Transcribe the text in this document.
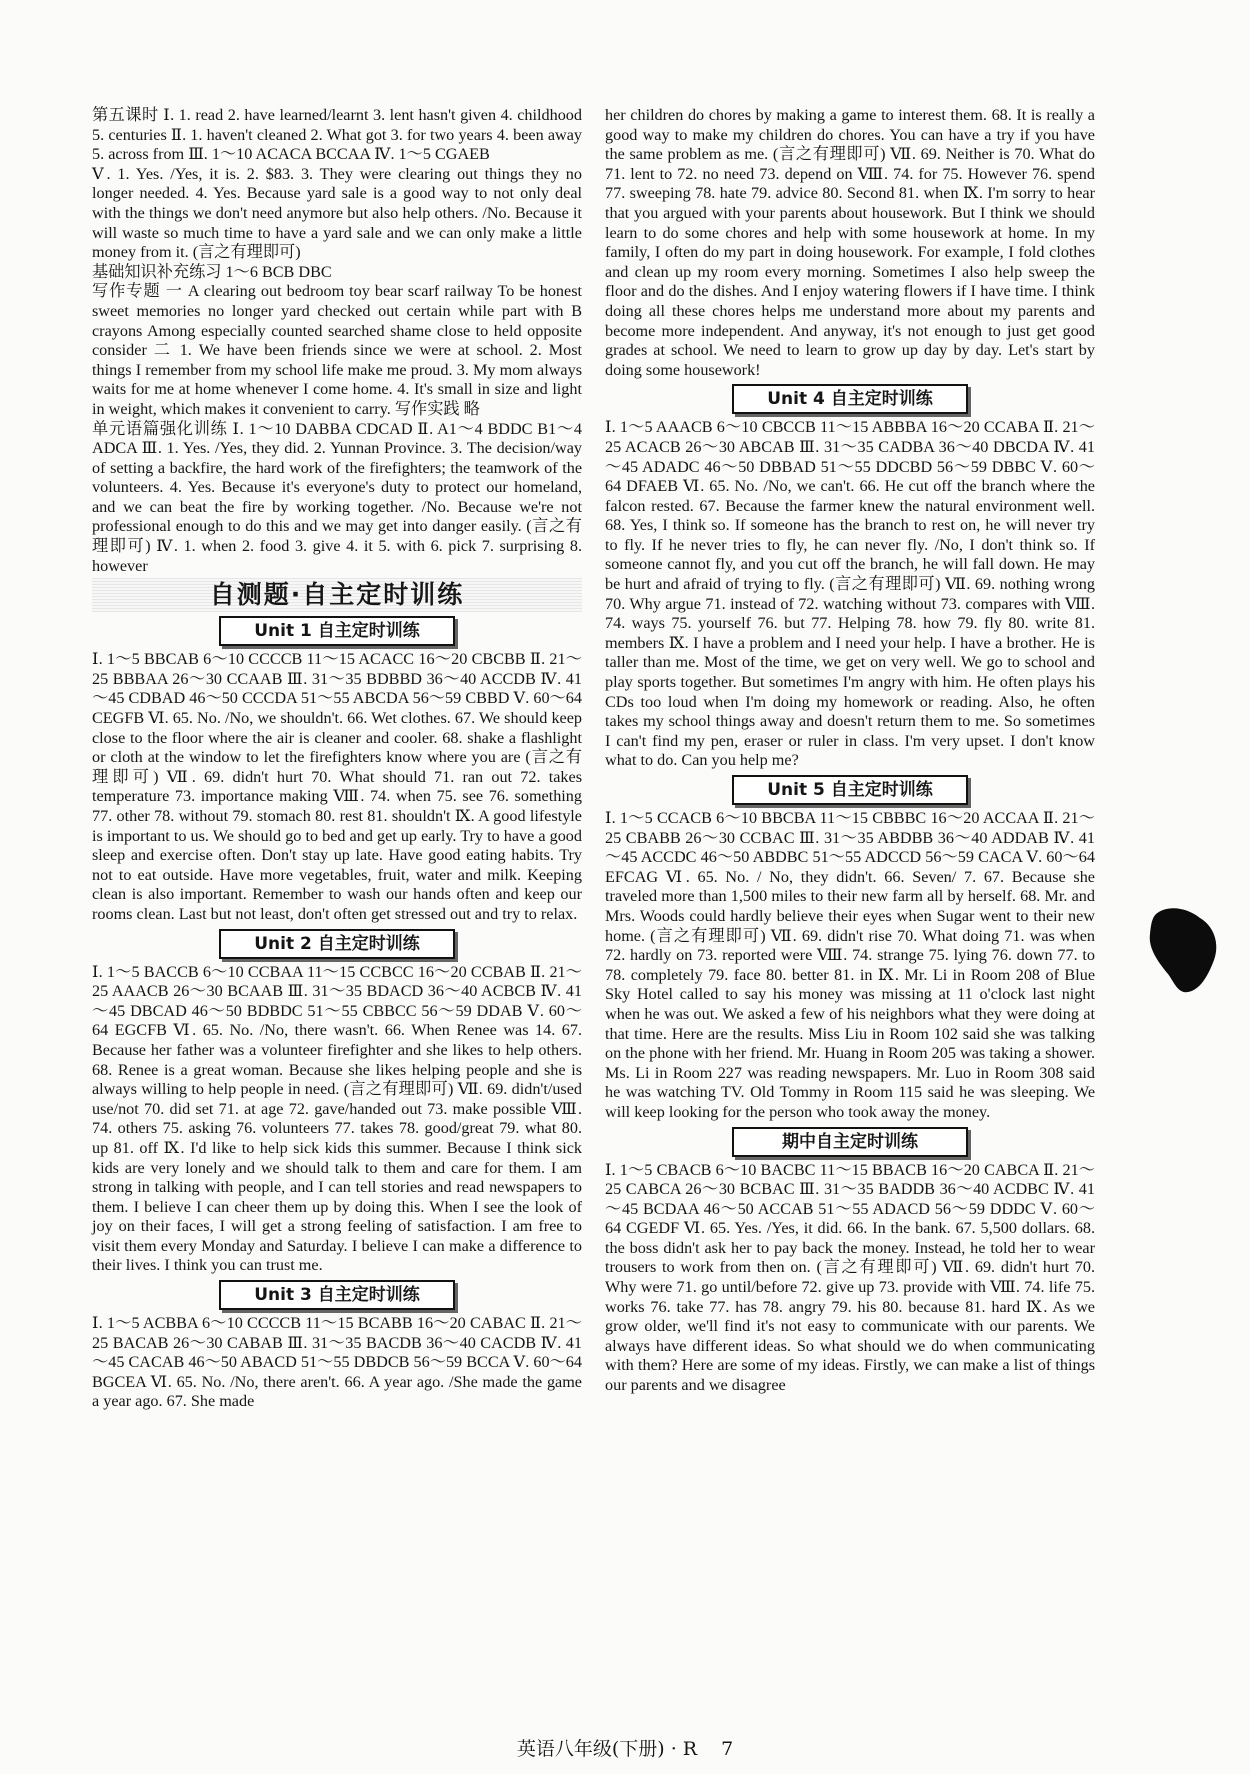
第五课时 Ⅰ. 1. read 2. have learned/learnt 3. lent hasn't given 4. childhood 5. centuries Ⅱ. 1. haven't cleaned 2. What got 3. for two years 4. been away 5. across from Ⅲ. 1～10 ACACA BCCAA Ⅳ. 1～5 CGAEB

Ⅴ. 1. Yes. /Yes, it is. 2. $83. 3. They were clearing out things they no longer needed. 4. Yes. Because yard sale is a good way to not only deal with the things we don't need anymore but also help others. /No. Because it will waste so much time to have a yard sale and we can only make a little money from it. (言之有理即可)

基础知识补充练习 1～6 BCB DBC

写作专题 一 A clearing out bedroom toy bear scarf railway To be honest sweet memories no longer yard checked out certain while part with B crayons Among especially counted searched shame close to held opposite consider 二 1. We have been friends since we were at school. 2. Most things I remember from my school life make me proud. 3. My mom always waits for me at home whenever I come home. 4. It's small in size and light in weight, which makes it convenient to carry. 写作实践 略

单元语篇强化训练 Ⅰ. 1～10 DABBA CDCAD Ⅱ. A1～4 BDDC B1～4 ADCA Ⅲ. 1. Yes. /Yes, they did. 2. Yunnan Province. 3. The decision/way of setting a backfire, the hard work of the firefighters; the teamwork of the volunteers. 4. Yes. Because it's everyone's duty to protect our homeland, and we can beat the fire by working together. /No. Because we're not professional enough to do this and we may get into danger easily. (言之有理即可) Ⅳ. 1. when 2. food 3. give 4. it 5. with 6. pick 7. surprising 8. however

自测题·自主定时训练
Unit 1 自主定时训练

Ⅰ. 1～5 BBCAB 6～10 CCCCB 11～15 ACACC 16～20 CBCBB Ⅱ. 21～25 BBBAA 26～30 CCAAB Ⅲ. 31～35 BDBBD 36～40 ACCDB Ⅳ. 41～45 CDBAD 46～50 CCCDA 51～55 ABCDA 56～59 CBBD Ⅴ. 60～64 CEGFB Ⅵ. 65. No. /No, we shouldn't. 66. Wet clothes. 67. We should keep close to the floor where the air is cleaner and cooler. 68. shake a flashlight or cloth at the window to let the firefighters know where you are (言之有理即可) Ⅶ. 69. didn't hurt 70. What should 71. ran out 72. takes temperature 73. importance making Ⅷ. 74. when 75. see 76. something 77. other 78. without 79. stomach 80. rest 81. shouldn't Ⅸ. A good lifestyle is important to us. We should go to bed and get up early. Try to have a good sleep and exercise often. Don't stay up late. Have good eating habits. Try not to eat outside. Have more vegetables, fruit, water and milk. Keeping clean is also important. Remember to wash our hands often and keep our rooms clean. Last but not least, don't often get stressed out and try to relax.

Unit 2 自主定时训练

Ⅰ. 1～5 BACCB 6～10 CCBAA 11～15 CCBCC 16～20 CCBAB Ⅱ. 21～25 AAACB 26～30 BCAAB Ⅲ. 31～35 BDACD 36～40 ACBCB Ⅳ. 41～45 DBCAD 46～50 BDBDC 51～55 CBBCC 56～59 DDAB Ⅴ. 60～64 EGCFB Ⅵ. 65. No. /No, there wasn't. 66. When Renee was 14. 67. Because her father was a volunteer firefighter and she likes to help others. 68. Renee is a great woman. Because she likes helping people and she is always willing to help people in need. (言之有理即可) Ⅶ. 69. didn't/used use/not 70. did set 71. at age 72. gave/handed out 73. make possible Ⅷ. 74. others 75. asking 76. volunteers 77. takes 78. good/great 79. what 80. up 81. off Ⅸ. I'd like to help sick kids this summer. Because I think sick kids are very lonely and we should talk to them and care for them. I am strong in talking with people, and I can tell stories and read newspapers to them. I believe I can cheer them up by doing this. When I see the look of joy on their faces, I will get a strong feeling of satisfaction. I am free to visit them every Monday and Saturday. I believe I can make a difference to their lives. I think you can trust me.

Unit 3 自主定时训练

Ⅰ. 1～5 ACBBA 6～10 CCCCB 11～15 BCABB 16～20 CABAC Ⅱ. 21～25 BACAB 26～30 CABAB Ⅲ. 31～35 BACDB 36～40 CACDB Ⅳ. 41～45 CACAB 46～50 ABACD 51～55 DBDCB 56～59 BCCA Ⅴ. 60～64 BGCEA Ⅵ. 65. No. /No, there aren't. 66. A year ago. /She made the game a year ago. 67. She made

her children do chores by making a game to interest them. 68. It is really a good way to make my children do chores. You can have a try if you have the same problem as me. (言之有理即可) Ⅶ. 69. Neither is 70. What do 71. lent to 72. no need 73. depend on Ⅷ. 74. for 75. However 76. spend 77. sweeping 78. hate 79. advice 80. Second 81. when Ⅸ. I'm sorry to hear that you argued with your parents about housework. But I think we should learn to do some chores and help with some housework at home. In my family, I often do my part in doing housework. For example, I fold clothes and clean up my room every morning. Sometimes I also help sweep the floor and do the dishes. And I enjoy watering flowers if I have time. I think doing all these chores helps me understand more about my parents and become more independent. And anyway, it's not enough to just get good grades at school. We need to learn to grow up day by day. Let's start by doing some housework!

Unit 4 自主定时训练

Ⅰ. 1～5 AAACB 6～10 CBCCB 11～15 ABBBA 16～20 CCABA Ⅱ. 21～25 ACACB 26～30 ABCAB Ⅲ. 31～35 CADBA 36～40 DBCDA Ⅳ. 41～45 ADADC 46～50 DBBAD 51～55 DDCBD 56～59 DBBC Ⅴ. 60～64 DFAEB Ⅵ. 65. No. /No, we can't. 66. He cut off the branch where the falcon rested. 67. Because the farmer knew the natural environment well. 68. Yes, I think so. If someone has the branch to rest on, he will never try to fly. If he never tries to fly, he can never fly. /No, I don't think so. If someone cannot fly, and you cut off the branch, he will fall down. He may be hurt and afraid of trying to fly. (言之有理即可) Ⅶ. 69. nothing wrong 70. Why argue 71. instead of 72. watching without 73. compares with Ⅷ. 74. ways 75. yourself 76. but 77. Helping 78. how 79. fly 80. write 81. members Ⅸ. I have a problem and I need your help. I have a brother. He is taller than me. Most of the time, we get on very well. We go to school and play sports together. But sometimes I'm angry with him. He often plays his CDs too loud when I'm doing my homework or reading. Also, he often takes my school things away and doesn't return them to me. So sometimes I can't find my pen, eraser or ruler in class. I'm very upset. I don't know what to do. Can you help me?

Unit 5 自主定时训练

Ⅰ. 1～5 CCACB 6～10 BBCBA 11～15 CBBBC 16～20 ACCAA Ⅱ. 21～25 CBABB 26～30 CCBAC Ⅲ. 31～35 ABDBB 36～40 ADDAB Ⅳ. 41～45 ACCDC 46～50 ABDBC 51～55 ADCCD 56～59 CACA Ⅴ. 60～64 EFCAG Ⅵ. 65. No. / No, they didn't. 66. Seven/ 7. 67. Because she traveled more than 1,500 miles to their new farm all by herself. 68. Mr. and Mrs. Woods could hardly believe their eyes when Sugar went to their new home. (言之有理即可) Ⅶ. 69. didn't rise 70. What doing 71. was when 72. hardly on 73. reported were Ⅷ. 74. strange 75. lying 76. down 77. to 78. completely 79. face 80. better 81. in Ⅸ. Mr. Li in Room 208 of Blue Sky Hotel called to say his money was missing at 11 o'clock last night when he was out. We asked a few of his neighbors what they were doing at that time. Here are the results. Miss Liu in Room 102 said she was talking on the phone with her friend. Mr. Huang in Room 205 was taking a shower. Ms. Li in Room 227 was reading newspapers. Mr. Luo in Room 308 said he was watching TV. Old Tommy in Room 115 said he was sleeping. We will keep looking for the person who took away the money.

期中自主定时训练

Ⅰ. 1～5 CBACB 6～10 BACBC 11～15 BBACB 16～20 CABCA Ⅱ. 21～25 CABCA 26～30 BCBAC Ⅲ. 31～35 BADDB 36～40 ACDBC Ⅳ. 41～45 BCDAA 46～50 ACCAB 51～55 ADACD 56～59 DDDC Ⅴ. 60～64 CGEDF Ⅵ. 65. Yes. /Yes, it did. 66. In the bank. 67. 5,500 dollars. 68. the boss didn't ask her to pay back the money. Instead, he told her to wear trousers to work from then on. (言之有理即可) Ⅶ. 69. didn't hurt 70. Why were 71. go until/before 72. give up 73. provide with Ⅷ. 74. life 75. works 76. take 77. has 78. angry 79. his 80. because 81. hard Ⅸ. As we grow older, we'll find it's not easy to communicate with our parents. We always have different ideas. So what should we do when communicating with them? Here are some of my ideas. Firstly, we can make a list of things our parents and we disagree

英语八年级(下册) · R 7
